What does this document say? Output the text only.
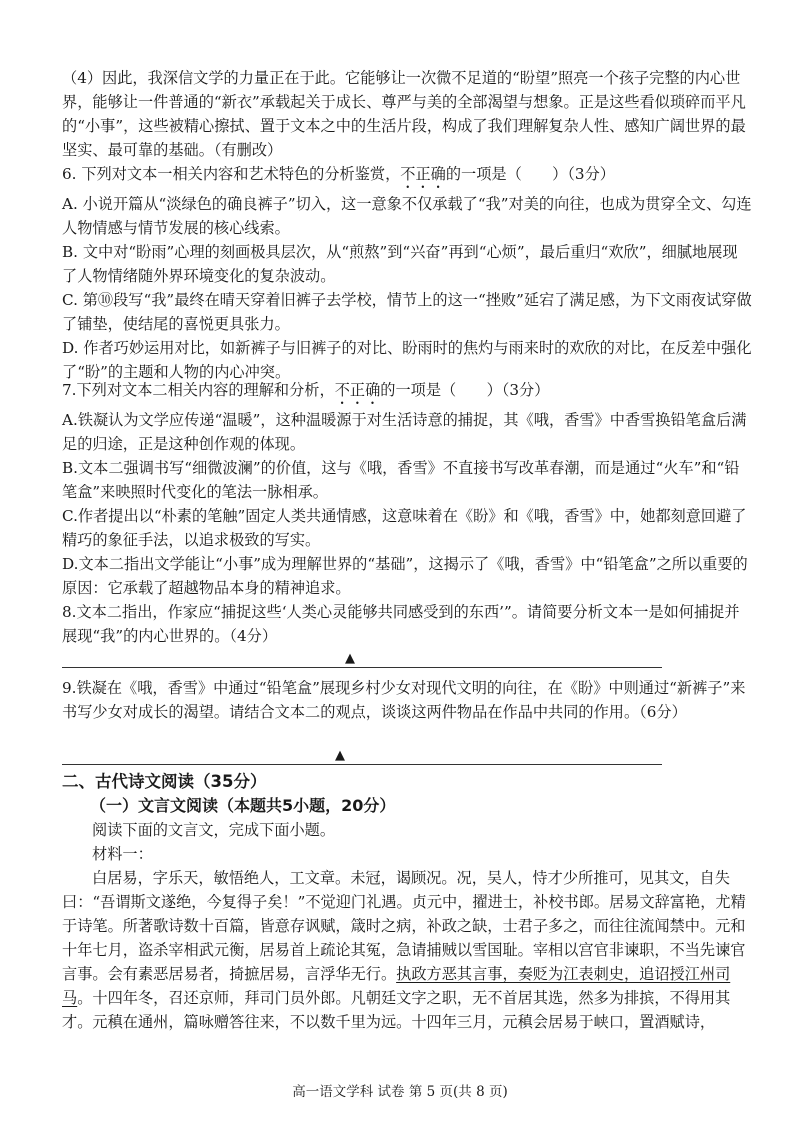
（4）因此，我深信文学的力量正在于此。它能够让一次微不足道的“盼望”照亮一个孩子完整的内心世界，能够让一件普通的“新衣”承载起关于成长、尊严与美的全部渴望与想象。正是这些看似琐碎而平凡的“小事”，这些被精心擦拭、置于文本之中的生活片段，构成了我们理解复杂人性、感知广阔世界的最坚实、最可靠的基础。（有删改）

6. 下列对文本一相关内容和艺术特色的分析鉴赏，不正确的一项是（　　）（3分）

A. 小说开篇从“淡绿色的确良裤子”切入，这一意象不仅承载了“我”对美的向往，也成为贯穿全文、勾连人物情感与情节发展的核心线索。

B. 文中对“盼雨”心理的刻画极具层次，从“煎熬”到“兴奋”再到“心烦”，最后重归“欢欣”，细腻地展现了人物情绪随外界环境变化的复杂波动。

C. 第⑩段写“我”最终在晴天穿着旧裤子去学校，情节上的这一“挫败”延宕了满足感，为下文雨夜试穿做了铺垫，使结尾的喜悦更具张力。

D. 作者巧妙运用对比，如新裤子与旧裤子的对比、盼雨时的焦灼与雨来时的欢欣的对比，在反差中强化了“盼”的主题和人物的内心冲突。

7.下列对文本二相关内容的理解和分析，不正确的一项是（　　）（3分）

A.铁凝认为文学应传递“温暖”，这种温暖源于对生活诗意的捕捉，其《哦，香雪》中香雪换铅笔盒后满足的归途，正是这种创作观的体现。

B.文本二强调书写“细微波澜”的价值，这与《哦，香雪》不直接书写改革春潮，而是通过“火车”和“铅笔盒”来映照时代变化的笔法一脉相承。

C.作者提出以“朴素的笔触”固定人类共通情感，这意味着在《盼》和《哦，香雪》中，她都刻意回避了精巧的象征手法，以追求极致的写实。

D.文本二指出文学能让“小事”成为理解世界的“基础”，这揭示了《哦，香雪》中“铅笔盒”之所以重要的原因：它承载了超越物品本身的精神追求。

8.文本二指出，作家应“捕捉这些‘人类心灵能够共同感受到的东西’”。请简要分析文本一是如何捕捉并展现“我”的内心世界的。（4分）

▲

9.铁凝在《哦，香雪》中通过“铅笔盒”展现乡村少女对现代文明的向往，在《盼》中则通过“新裤子”来书写少女对成长的渴望。请结合文本二的观点，谈谈这两件物品在作品中共同的作用。（6分）

▲

二、古代诗文阅读（35分）

（一）文言文阅读（本题共5小题，20分）

阅读下面的文言文，完成下面小题。

材料一：

白居易，字乐天，敏悟绝人，工文章。未冠，谒顾况。况，吴人，恃才少所推可，见其文，自失曰：“吾谓斯文遂绝，今复得子矣！”不觉迎门礼遇。贞元中，擢进士，补校书郎。居易文辞富艳，尤精于诗笔。所著歌诗数十百篇，皆意存讽赋，箴时之病，补政之缺，士君子多之，而往往流闻禁中。元和十年七月，盗杀宰相武元衡，居易首上疏论其冤，急请捕贼以雪国耻。宰相以宫官非谏职，不当先谏官言事。会有素恶居易者，掎摭居易，言浮华无行。执政方恶其言事，奏贬为江表刺史，追诏授江州司马。十四年冬，召还京师，拜司门员外郎。凡朝廷文字之职，无不首居其选，然多为排摈，不得用其才。元稹在通州，篇咏赠答往来，不以数千里为远。十四年三月，元稹会居易于峡口，置酒赋诗，

高一语文学科 试卷 第 5 页(共 8 页)
